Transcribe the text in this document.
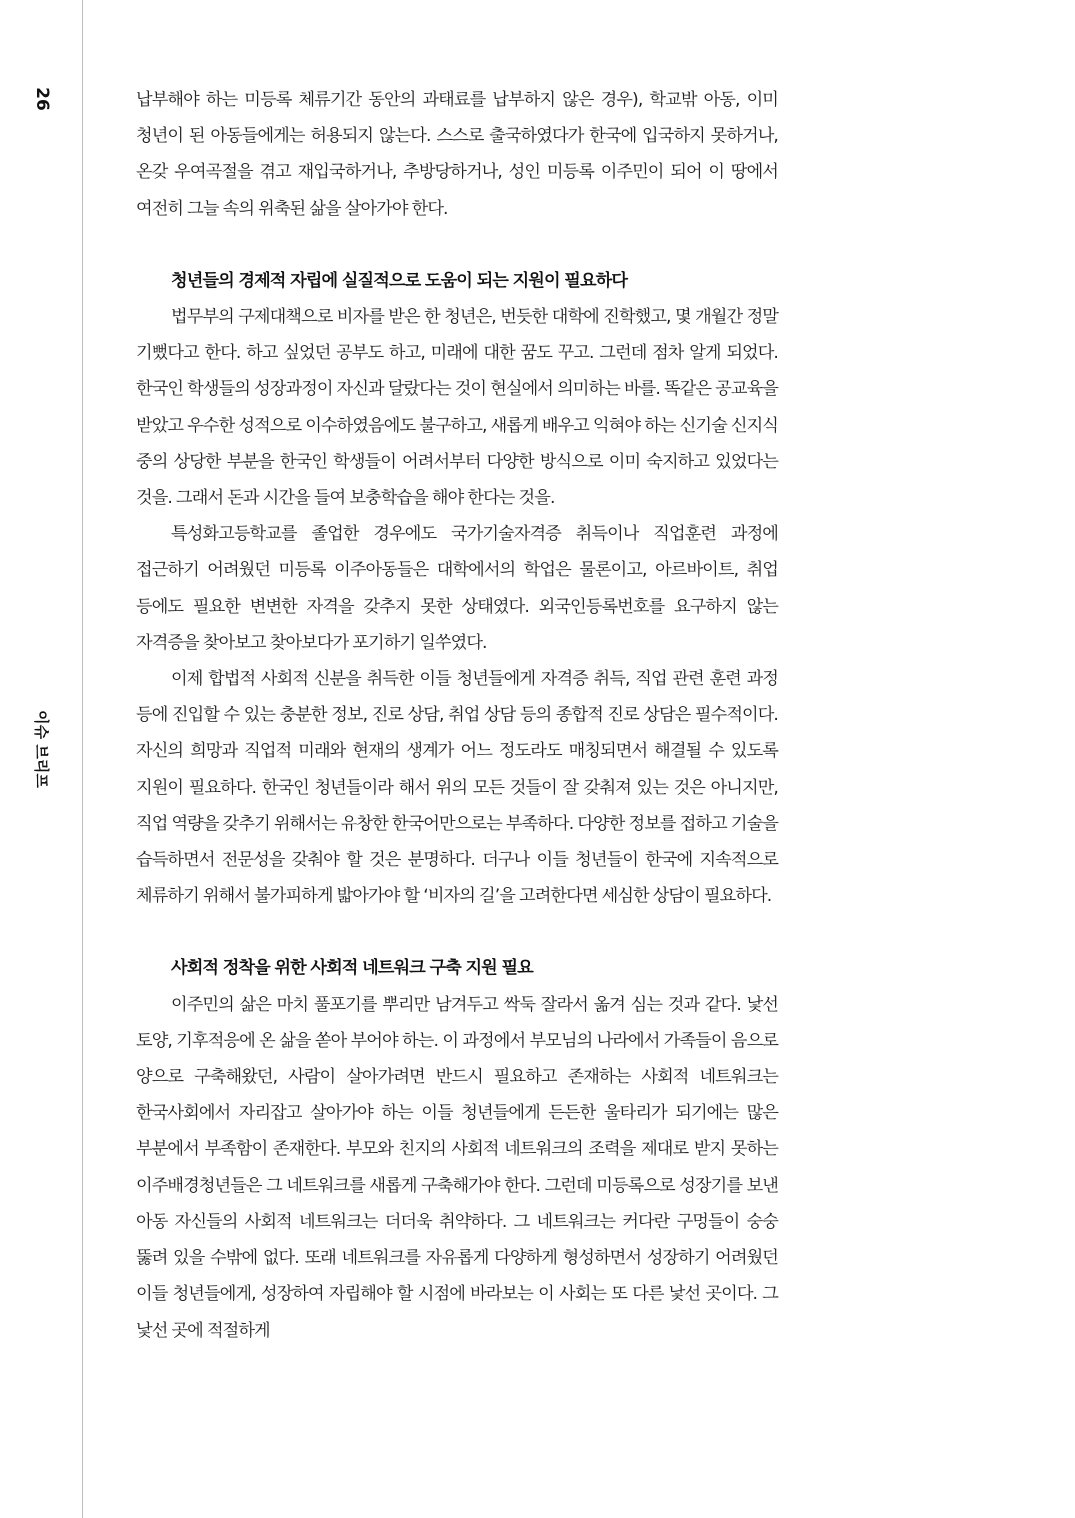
26
이슈 브리프

납부해야 하는 미등록 체류기간 동안의 과태료를 납부하지 않은 경우), 학교밖 아동, 이미 청년이 된 아동들에게는 허용되지 않는다. 스스로 출국하였다가 한국에 입국하지 못하거나, 온갖 우여곡절을 겪고 재입국하거나, 추방당하거나, 성인 미등록 이주민이 되어 이 땅에서 여전히 그늘 속의 위축된 삶을 살아가야 한다.

청년들의 경제적 자립에 실질적으로 도움이 되는 지원이 필요하다

법무부의 구제대책으로 비자를 받은 한 청년은, 번듯한 대학에 진학했고, 몇 개월간 정말 기뻤다고 한다. 하고 싶었던 공부도 하고, 미래에 대한 꿈도 꾸고. 그런데 점차 알게 되었다. 한국인 학생들의 성장과정이 자신과 달랐다는 것이 현실에서 의미하는 바를. 똑같은 공교육을 받았고 우수한 성적으로 이수하였음에도 불구하고, 새롭게 배우고 익혀야 하는 신기술 신지식 중의 상당한 부분을 한국인 학생들이 어려서부터 다양한 방식으로 이미 숙지하고 있었다는 것을. 그래서 돈과 시간을 들여 보충학습을 해야 한다는 것을.

특성화고등학교를 졸업한 경우에도 국가기술자격증 취득이나 직업훈련 과정에 접근하기 어려웠던 미등록 이주아동들은 대학에서의 학업은 물론이고, 아르바이트, 취업 등에도 필요한 변변한 자격을 갖추지 못한 상태였다. 외국인등록번호를 요구하지 않는 자격증을 찾아보고 찾아보다가 포기하기 일쑤였다.

이제 합법적 사회적 신분을 취득한 이들 청년들에게 자격증 취득, 직업 관련 훈련 과정 등에 진입할 수 있는 충분한 정보, 진로 상담, 취업 상담 등의 종합적 진로 상담은 필수적이다. 자신의 희망과 직업적 미래와 현재의 생계가 어느 정도라도 매칭되면서 해결될 수 있도록 지원이 필요하다. 한국인 청년들이라 해서 위의 모든 것들이 잘 갖춰져 있는 것은 아니지만, 직업 역량을 갖추기 위해서는 유창한 한국어만으로는 부족하다. 다양한 정보를 접하고 기술을 습득하면서 전문성을 갖춰야 할 것은 분명하다. 더구나 이들 청년들이 한국에 지속적으로 체류하기 위해서 불가피하게 밟아가야 할 ‘비자의 길’을 고려한다면 세심한 상담이 필요하다.

사회적 정착을 위한 사회적 네트워크 구축 지원 필요

이주민의 삶은 마치 풀포기를 뿌리만 남겨두고 싹둑 잘라서 옮겨 심는 것과 같다. 낯선 토양, 기후적응에 온 삶을 쏟아 부어야 하는. 이 과정에서 부모님의 나라에서 가족들이 음으로 양으로 구축해왔던, 사람이 살아가려면 반드시 필요하고 존재하는 사회적 네트워크는 한국사회에서 자리잡고 살아가야 하는 이들 청년들에게 든든한 울타리가 되기에는 많은 부분에서 부족함이 존재한다. 부모와 친지의 사회적 네트워크의 조력을 제대로 받지 못하는 이주배경청년들은 그 네트워크를 새롭게 구축해가야 한다. 그런데 미등록으로 성장기를 보낸 아동 자신들의 사회적 네트워크는 더더욱 취약하다. 그 네트워크는 커다란 구멍들이 숭숭 뚫려 있을 수밖에 없다. 또래 네트워크를 자유롭게 다양하게 형성하면서 성장하기 어려웠던 이들 청년들에게, 성장하여 자립해야 할 시점에 바라보는 이 사회는 또 다른 낯선 곳이다. 그 낯선 곳에 적절하게
